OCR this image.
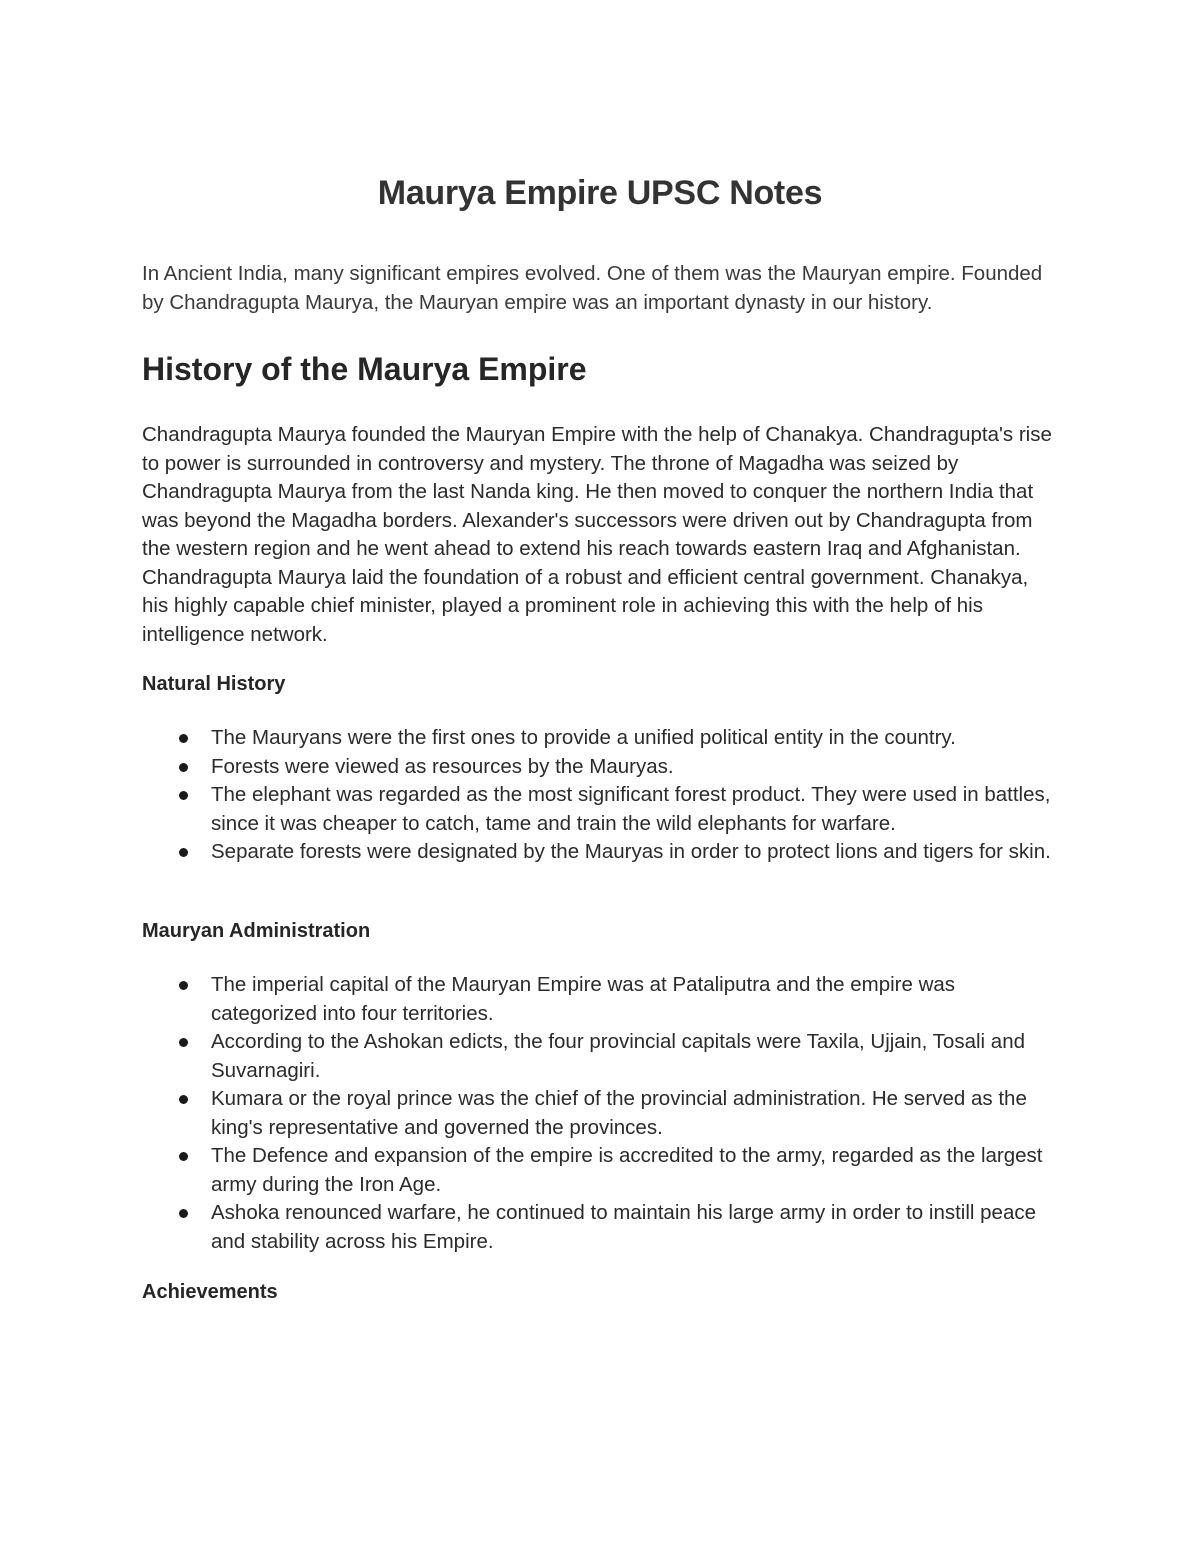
Maurya Empire UPSC Notes

In Ancient India, many significant empires evolved. One of them was the Mauryan empire. Founded by Chandragupta Maurya, the Mauryan empire was an important dynasty in our history.

History of the Maurya Empire

Chandragupta Maurya founded the Mauryan Empire with the help of Chanakya. Chandragupta's rise to power is surrounded in controversy and mystery. The throne of Magadha was seized by Chandragupta Maurya from the last Nanda king. He then moved to conquer the northern India that was beyond the Magadha borders. Alexander's successors were driven out by Chandragupta from the western region and he went ahead to extend his reach towards eastern Iraq and Afghanistan. Chandragupta Maurya laid the foundation of a robust and efficient central government. Chanakya, his highly capable chief minister, played a prominent role in achieving this with the help of his intelligence network.

Natural History
The Mauryans were the first ones to provide a unified political entity in the country.
Forests were viewed as resources by the Mauryas.
The elephant was regarded as the most significant forest product. They were used in battles, since it was cheaper to catch, tame and train the wild elephants for warfare.
Separate forests were designated by the Mauryas in order to protect lions and tigers for skin.
Mauryan Administration
The imperial capital of the Mauryan Empire was at Pataliputra and the empire was categorized into four territories.
According to the Ashokan edicts, the four provincial capitals were Taxila, Ujjain, Tosali and Suvarnagiri.
Kumara or the royal prince was the chief of the provincial administration. He served as the king's representative and governed the provinces.
The Defence and expansion of the empire is accredited to the army, regarded as the largest army during the Iron Age.
Ashoka renounced warfare, he continued to maintain his large army in order to instill peace and stability across his Empire.
Achievements
